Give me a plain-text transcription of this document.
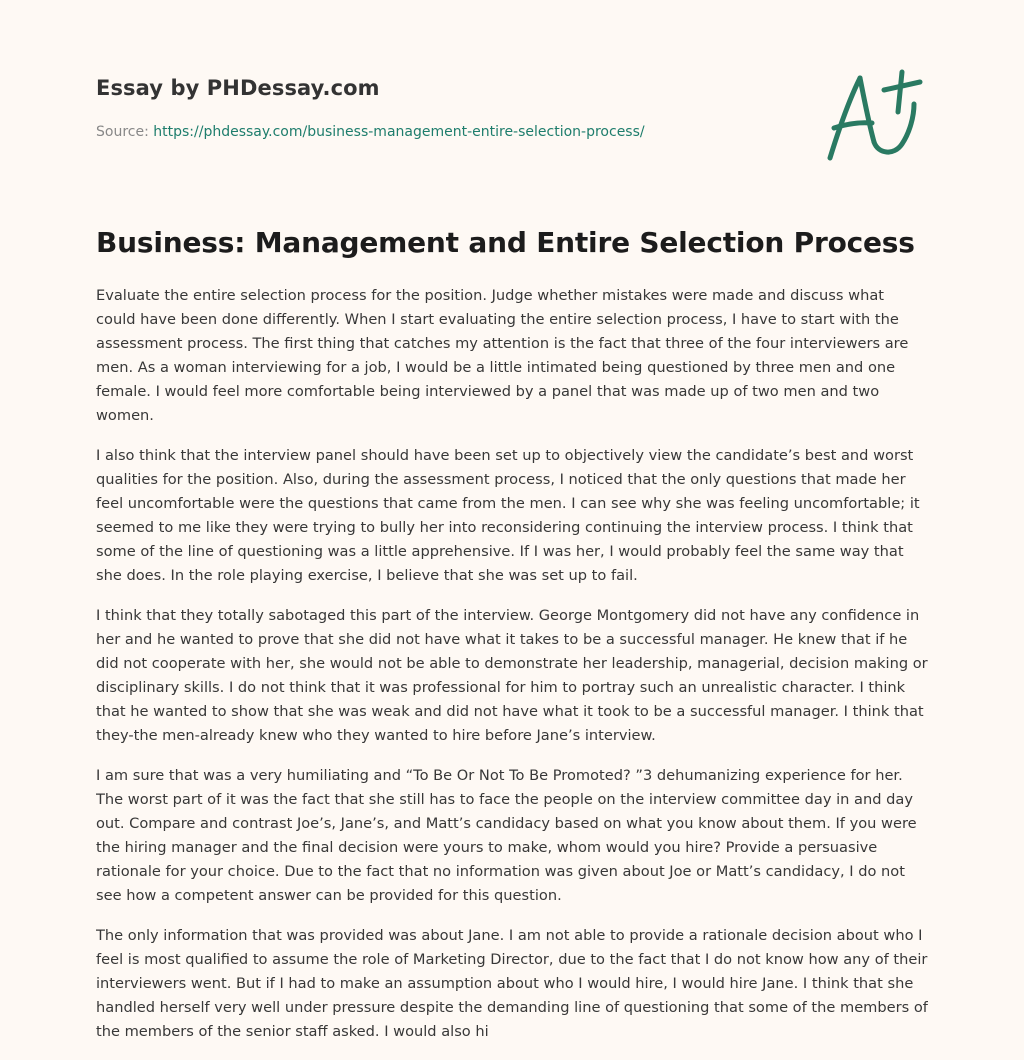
Essay by PHDessay.com
Source: https://phdessay.com/business-management-entire-selection-process/
Business: Management and Entire Selection Process

Evaluate the entire selection process for the position. Judge whether mistakes were made and discuss what could have been done differently. When I start evaluating the entire selection process, I have to start with the assessment process. The first thing that catches my attention is the fact that three of the four interviewers are men. As a woman interviewing for a job, I would be a little intimated being questioned by three men and one female. I would feel more comfortable being interviewed by a panel that was made up of two men and two women.

I also think that the interview panel should have been set up to objectively view the candidate’s best and worst qualities for the position. Also, during the assessment process, I noticed that the only questions that made her feel uncomfortable were the questions that came from the men. I can see why she was feeling uncomfortable; it seemed to me like they were trying to bully her into reconsidering continuing the interview process. I think that some of the line of questioning was a little apprehensive. If I was her, I would probably feel the same way that she does. In the role playing exercise, I believe that she was set up to fail.

I think that they totally sabotaged this part of the interview. George Montgomery did not have any confidence in her and he wanted to prove that she did not have what it takes to be a successful manager. He knew that if he did not cooperate with her, she would not be able to demonstrate her leadership, managerial, decision making or disciplinary skills. I do not think that it was professional for him to portray such an unrealistic character. I think that he wanted to show that she was weak and did not have what it took to be a successful manager. I think that they-the men-already knew who they wanted to hire before Jane’s interview.

I am sure that was a very humiliating and “To Be Or Not To Be Promoted? ”3 dehumanizing experience for her. The worst part of it was the fact that she still has to face the people on the interview committee day in and day out. Compare and contrast Joe’s, Jane’s, and Matt’s candidacy based on what you know about them. If you were the hiring manager and the final decision were yours to make, whom would you hire? Provide a persuasive rationale for your choice. Due to the fact that no information was given about Joe or Matt’s candidacy, I do not see how a competent answer can be provided for this question.

The only information that was provided was about Jane. I am not able to provide a rationale decision about who I feel is most qualified to assume the role of Marketing Director, due to the fact that I do not know how any of their interviewers went. But if I had to make an assumption about who I would hire, I would hire Jane. I think that she handled herself very well under pressure despite the demanding line of questioning that some of the members of the members of the senior staff asked. I would also hi
